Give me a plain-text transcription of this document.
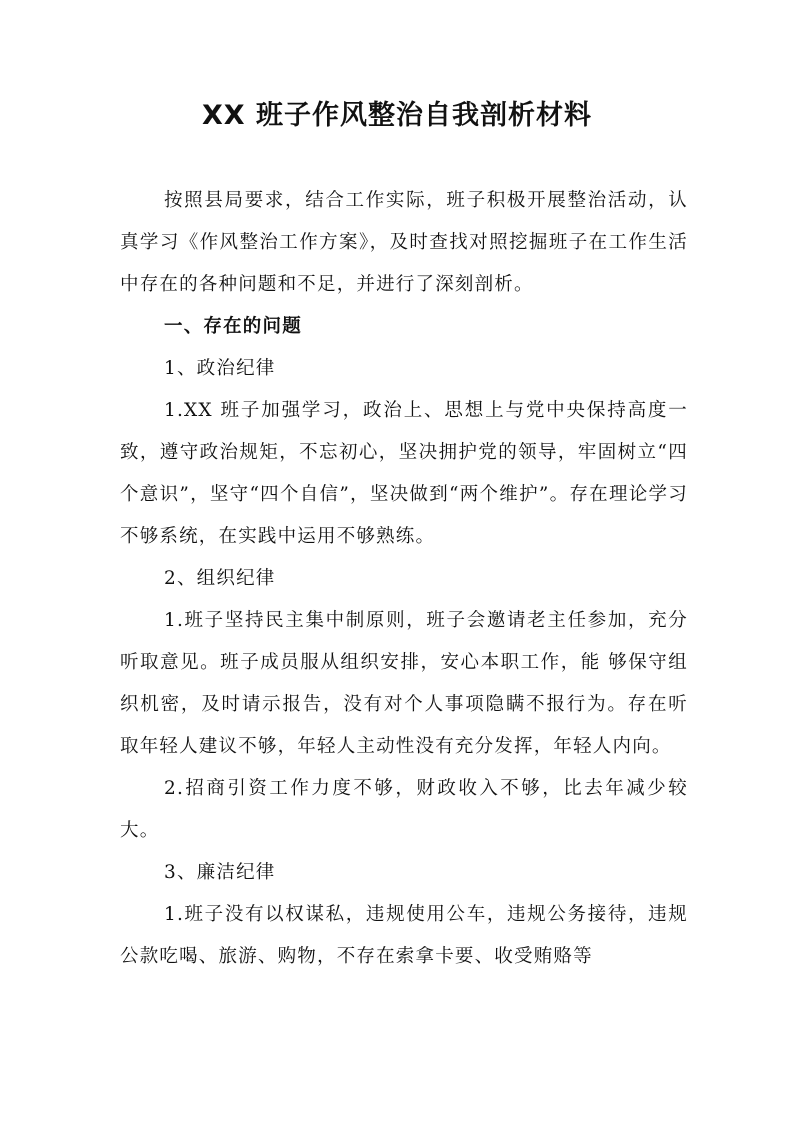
XX 班子作风整治自我剖析材料

按照县局要求，结合工作实际，班子积极开展整治活动，认真学习《作风整治工作方案》，及时查找对照挖掘班子在工作生活中存在的各种问题和不足，并进行了深刻剖析。

一、存在的问题

1、政治纪律

1.XX 班子加强学习，政治上、思想上与党中央保持高度一致，遵守政治规矩，不忘初心，坚决拥护党的领导，牢固树立“四个意识”，坚守“四个自信”，坚决做到“两个维护”。存在理论学习不够系统，在实践中运用不够熟练。

2、组织纪律

1.班子坚持民主集中制原则，班子会邀请老主任参加，充分听取意见。班子成员服从组织安排，安心本职工作，能 够保守组织机密，及时请示报告，没有对个人事项隐瞒不报行为。存在听取年轻人建议不够，年轻人主动性没有充分发挥，年轻人内向。

2.招商引资工作力度不够，财政收入不够，比去年减少较大。

3、廉洁纪律

1.班子没有以权谋私，违规使用公车，违规公务接待，违规公款吃喝、旅游、购物，不存在索拿卡要、收受贿赂等
